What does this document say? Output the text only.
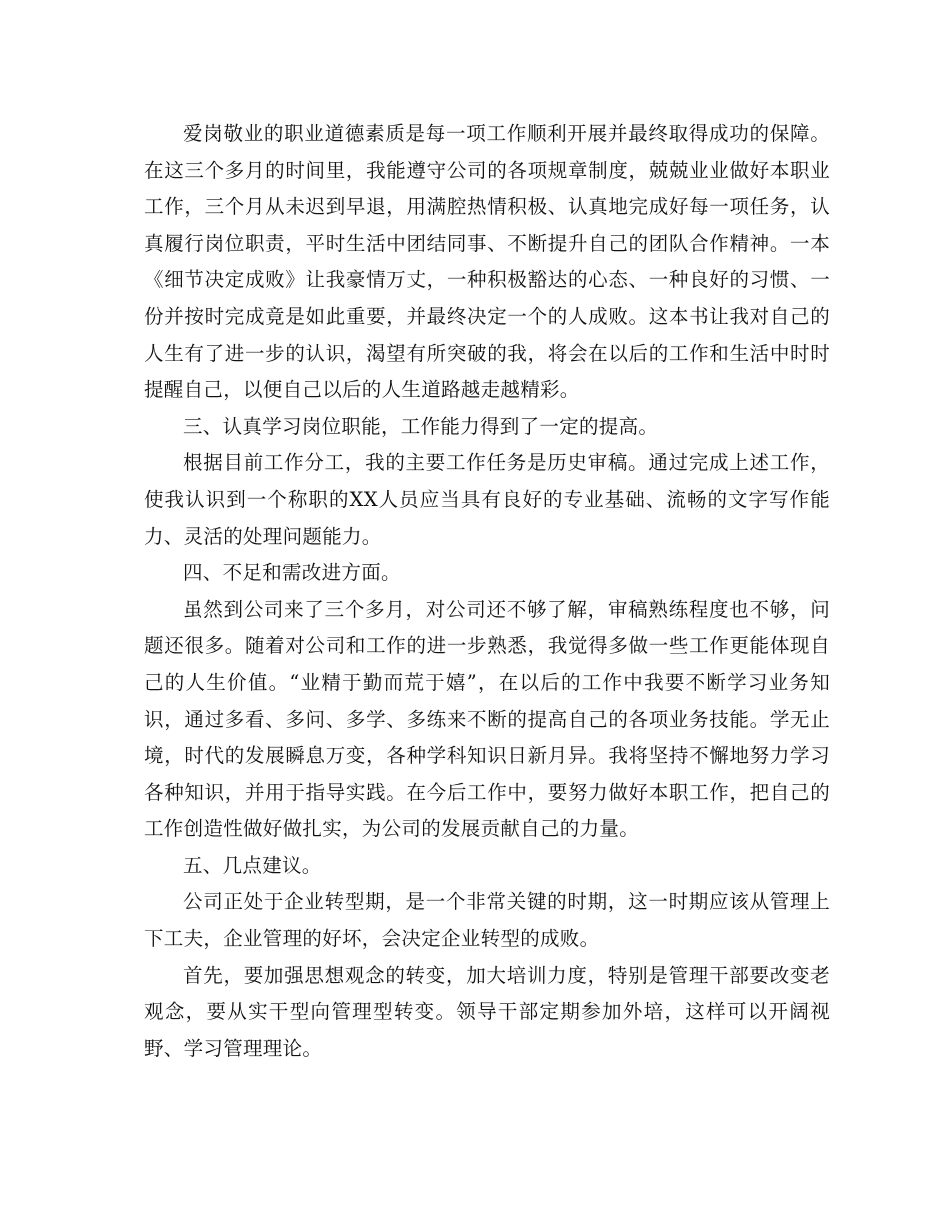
爱岗敬业的职业道德素质是每一项工作顺利开展并最终取得成功的保障。在这三个多月的时间里，我能遵守公司的各项规章制度，兢兢业业做好本职业工作，三个月从未迟到早退，用满腔热情积极、认真地完成好每一项任务，认真履行岗位职责，平时生活中团结同事、不断提升自己的团队合作精神。一本《细节决定成败》让我豪情万丈，一种积极豁达的心态、一种良好的习惯、一份并按时完成竟是如此重要，并最终决定一个的人成败。这本书让我对自己的人生有了进一步的认识，渴望有所突破的我，将会在以后的工作和生活中时时提醒自己，以便自己以后的人生道路越走越精彩。

三、认真学习岗位职能，工作能力得到了一定的提高。

根据目前工作分工，我的主要工作任务是历史审稿。通过完成上述工作，使我认识到一个称职的XX人员应当具有良好的专业基础、流畅的文字写作能力、灵活的处理问题能力。

四、不足和需改进方面。

虽然到公司来了三个多月，对公司还不够了解，审稿熟练程度也不够，问题还很多。随着对公司和工作的进一步熟悉，我觉得多做一些工作更能体现自己的人生价值。“业精于勤而荒于嬉”，在以后的工作中我要不断学习业务知识，通过多看、多问、多学、多练来不断的提高自己的各项业务技能。学无止境，时代的发展瞬息万变，各种学科知识日新月异。我将坚持不懈地努力学习各种知识，并用于指导实践。在今后工作中，要努力做好本职工作，把自己的工作创造性做好做扎实，为公司的发展贡献自己的力量。

五、几点建议。

公司正处于企业转型期，是一个非常关键的时期，这一时期应该从管理上下工夫，企业管理的好坏，会决定企业转型的成败。

首先，要加强思想观念的转变，加大培训力度，特别是管理干部要改变老观念，要从实干型向管理型转变。领导干部定期参加外培，这样可以开阔视野、学习管理理论。
